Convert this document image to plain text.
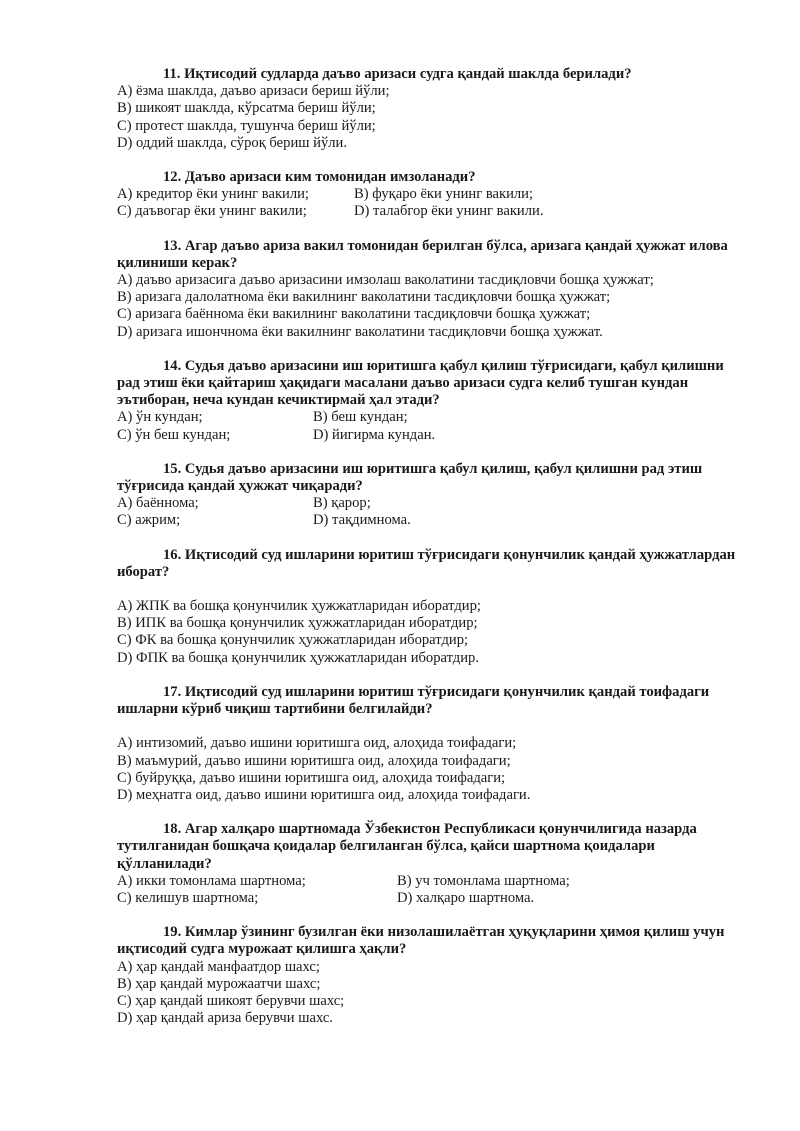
11. Иқтисодий судларда даъво аризаси судга қандай шаклда берилади?

А) ёзма шаклда, даъво аризаси бериш йўли;

В) шикоят шаклда, кўрсатма бериш йўли;

С) протест шаклда, тушунча бериш йўли;

D) оддий шаклда, сўроқ бериш йўли.

12. Даъво аризаси ким томонидан имзоланади?

А) кредитор ёки унинг вакили;	В) фуқаро ёки унинг вакили;
С) даъвогар ёки унинг вакили;	D) талабгор ёки унинг вакили.

13. Агар даъво ариза вакил томонидан берилган бўлса, аризага қандай ҳужжат илова қилиниши керак?

А) даъво аризасига даъво аризасини имзолаш ваколатини тасдиқловчи бошқа ҳужжат;

В) аризага далолатнома ёки вакилнинг ваколатини тасдиқловчи бошқа ҳужжат;

С) аризага баённома ёки вакилнинг ваколатини тасдиқловчи бошқа ҳужжат;

D) аризага ишончнома ёки вакилнинг ваколатини тасдиқловчи бошқа ҳужжат.

14. Судья даъво аризасини иш юритишга қабул қилиш тўғрисидаги, қабул қилишни рад этиш ёки қайтариш ҳақидаги масалани даъво аризаси судга келиб тушган кундан эътиборан, неча кундан кечиктирмай ҳал этади?

А) ўн кундан;	В) беш кундан;
С) ўн беш кундан;	D) йигирма кундан.

15. Судья даъво аризасини иш юритишга қабул қилиш, қабул қилишни рад этиш тўғрисида қандай ҳужжат чиқаради?

А) баённома;	В) қарор;
С) ажрим;	D) тақдимнома.

16. Иқтисодий суд ишларини юритиш тўғрисидаги қонунчилик қандай ҳужжатлардан иборат?

А) ЖПК ва бошқа қонунчилик ҳужжатларидан иборатдир;

В) ИПК ва бошқа қонунчилик ҳужжатларидан иборатдир;

С) ФК ва бошқа қонунчилик ҳужжатларидан иборатдир;

D) ФПК ва бошқа қонунчилик ҳужжатларидан иборатдир.

17. Иқтисодий суд ишларини юритиш тўғрисидаги қонунчилик қандай тоифадаги ишларни кўриб чиқиш тартибини белгилайди?

А) интизомий, даъво ишини юритишга оид, алоҳида тоифадаги;

В) маъмурий, даъво ишини юритишга оид, алоҳида тоифадаги;

С) буйруққа, даъво ишини юритишга оид, алоҳида тоифадаги;

D) меҳнатга оид, даъво ишини юритишга оид, алоҳида тоифадаги.

18. Агар халқаро шартномада Ўзбекистон Республикаси қонунчилигида назарда тутилганидан бошқача қоидалар белгиланган бўлса, қайси шартнома қоидалари қўлланилади?

А) икки томонлама шартнома;	В) уч томонлама шартнома;
С) келишув шартнома;	D) халқаро шартнома.

19. Кимлар ўзининг бузилган ёки низолашилаётган ҳуқуқларини ҳимоя қилиш учун иқтисодий судга мурожаат қилишга ҳақли?

А) ҳар қандай манфаатдор шахс;

В) ҳар қандай мурожаатчи шахс;

С) ҳар қандай шикоят берувчи шахс;

D) ҳар қандай ариза берувчи шахс.
